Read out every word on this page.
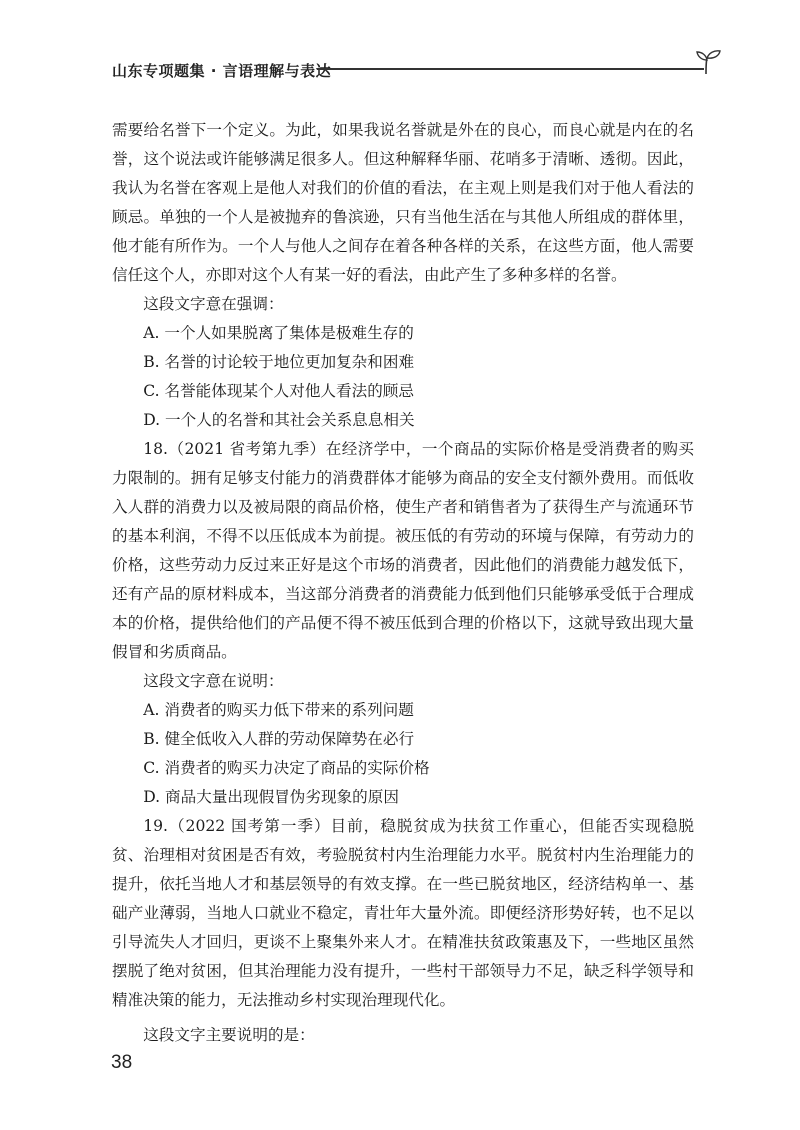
山东专项题集 · 言语理解与表达

需要给名誉下一个定义。为此，如果我说名誉就是外在的良心，而良心就是内在的名誉，这个说法或许能够满足很多人。但这种解释华丽、花哨多于清晰、透彻。因此，我认为名誉在客观上是他人对我们的价值的看法，在主观上则是我们对于他人看法的顾忌。单独的一个人是被抛弃的鲁滨逊，只有当他生活在与其他人所组成的群体里，他才能有所作为。一个人与他人之间存在着各种各样的关系，在这些方面，他人需要信任这个人，亦即对这个人有某一好的看法，由此产生了多种多样的名誉。

这段文字意在强调：

A. 一个人如果脱离了集体是极难生存的

B. 名誉的讨论较于地位更加复杂和困难

C. 名誉能体现某个人对他人看法的顾忌

D. 一个人的名誉和其社会关系息息相关

18.（2021 省考第九季）在经济学中，一个商品的实际价格是受消费者的购买力限制的。拥有足够支付能力的消费群体才能够为商品的安全支付额外费用。而低收入人群的消费力以及被局限的商品价格，使生产者和销售者为了获得生产与流通环节的基本利润，不得不以压低成本为前提。被压低的有劳动的环境与保障，有劳动力的价格，这些劳动力反过来正好是这个市场的消费者，因此他们的消费能力越发低下，还有产品的原材料成本，当这部分消费者的消费能力低到他们只能够承受低于合理成本的价格，提供给他们的产品便不得不被压低到合理的价格以下，这就导致出现大量假冒和劣质商品。

这段文字意在说明：

A. 消费者的购买力低下带来的系列问题

B. 健全低收入人群的劳动保障势在必行

C. 消费者的购买力决定了商品的实际价格

D. 商品大量出现假冒伪劣现象的原因

19.（2022 国考第一季）目前，稳脱贫成为扶贫工作重心，但能否实现稳脱贫、治理相对贫困是否有效，考验脱贫村内生治理能力水平。脱贫村内生治理能力的提升，依托当地人才和基层领导的有效支撑。在一些已脱贫地区，经济结构单一、基础产业薄弱，当地人口就业不稳定，青壮年大量外流。即便经济形势好转，也不足以引导流失人才回归，更谈不上聚集外来人才。在精准扶贫政策惠及下，一些地区虽然摆脱了绝对贫困，但其治理能力没有提升，一些村干部领导力不足，缺乏科学领导和精准决策的能力，无法推动乡村实现治理现代化。

这段文字主要说明的是：

38
